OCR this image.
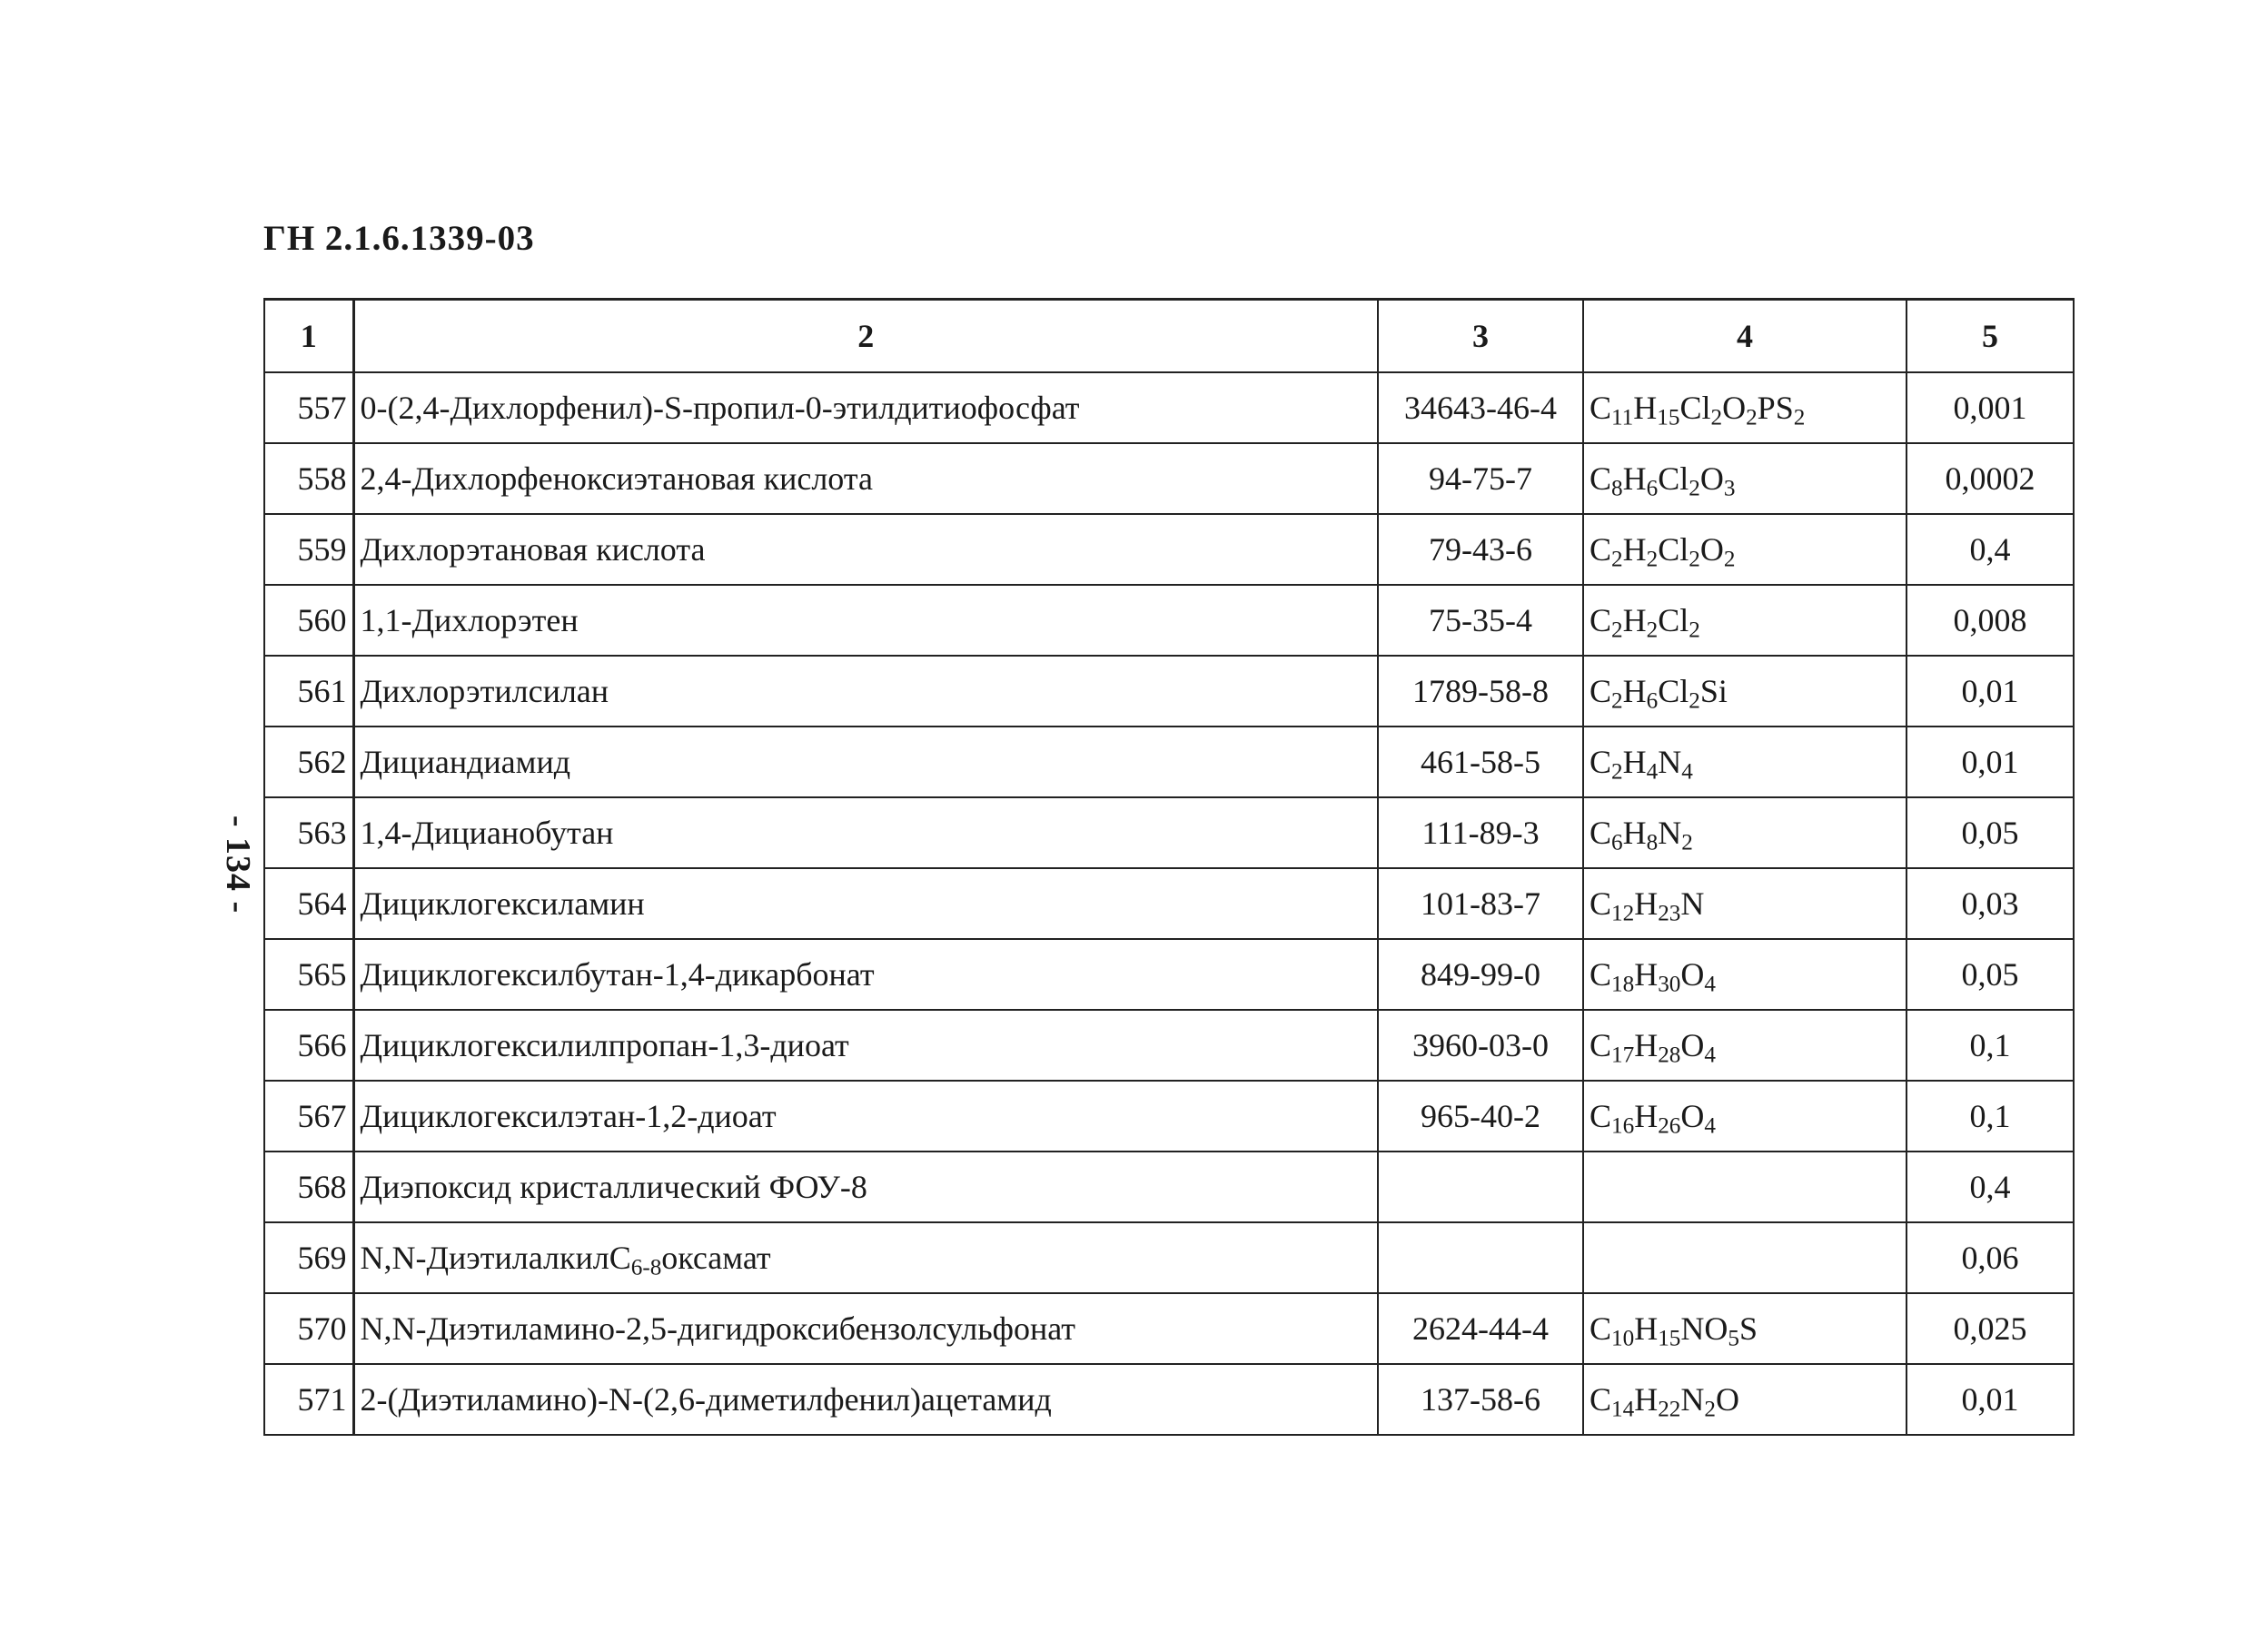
ГН 2.1.6.1339-03
- 134 -
1	2	3	4	5
557	0-(2,4-Дихлорфенил)-S-пропил-0-этилдитиофосфат	34643-46-4	$C_{11}H_{15}Cl_2O_2PS_2$	0,001
558	2,4-Дихлорфеноксиэтановая кислота	94-75-7	$C_8H_6Cl_2O_3$	0,0002
559	Дихлорэтановая кислота	79-43-6	$C_2H_2Cl_2O_2$	0,4
560	1,1-Дихлорэтен	75-35-4	$C_2H_2Cl_2$	0,008
561	Дихлорэтилсилан	1789-58-8	$C_2H_6Cl_2Si$	0,01
562	Дициандиамид	461-58-5	$C_2H_4N_4$	0,01
563	1,4-Дицианобутан	111-89-3	$C_6H_8N_2$	0,05
564	Дициклогексиламин	101-83-7	$C_{12}H_{23}N$	0,03
565	Дициклогексилбутан-1,4-дикарбонат	849-99-0	$C_{18}H_{30}O_4$	0,05
566	Дициклогексилилпропан-1,3-диоат	3960-03-0	$C_{17}H_{28}O_4$	0,1
567	Дициклогексилэтан-1,2-диоат	965-40-2	$C_{16}H_{26}O_4$	0,1
568	Диэпоксид кристаллический ФОУ-8			0,4
569	N,N-ДиэтилалкилC$_{6-8}$оксамат			0,06
570	N,N-Диэтиламино-2,5-дигидроксибензолсульфонат	2624-44-4	$C_{10}H_{15}NO_5S$	0,025
571	2-(Диэтиламино)-N-(2,6-диметилфенил)ацетамид	137-58-6	$C_{14}H_{22}N_2O$	0,01
